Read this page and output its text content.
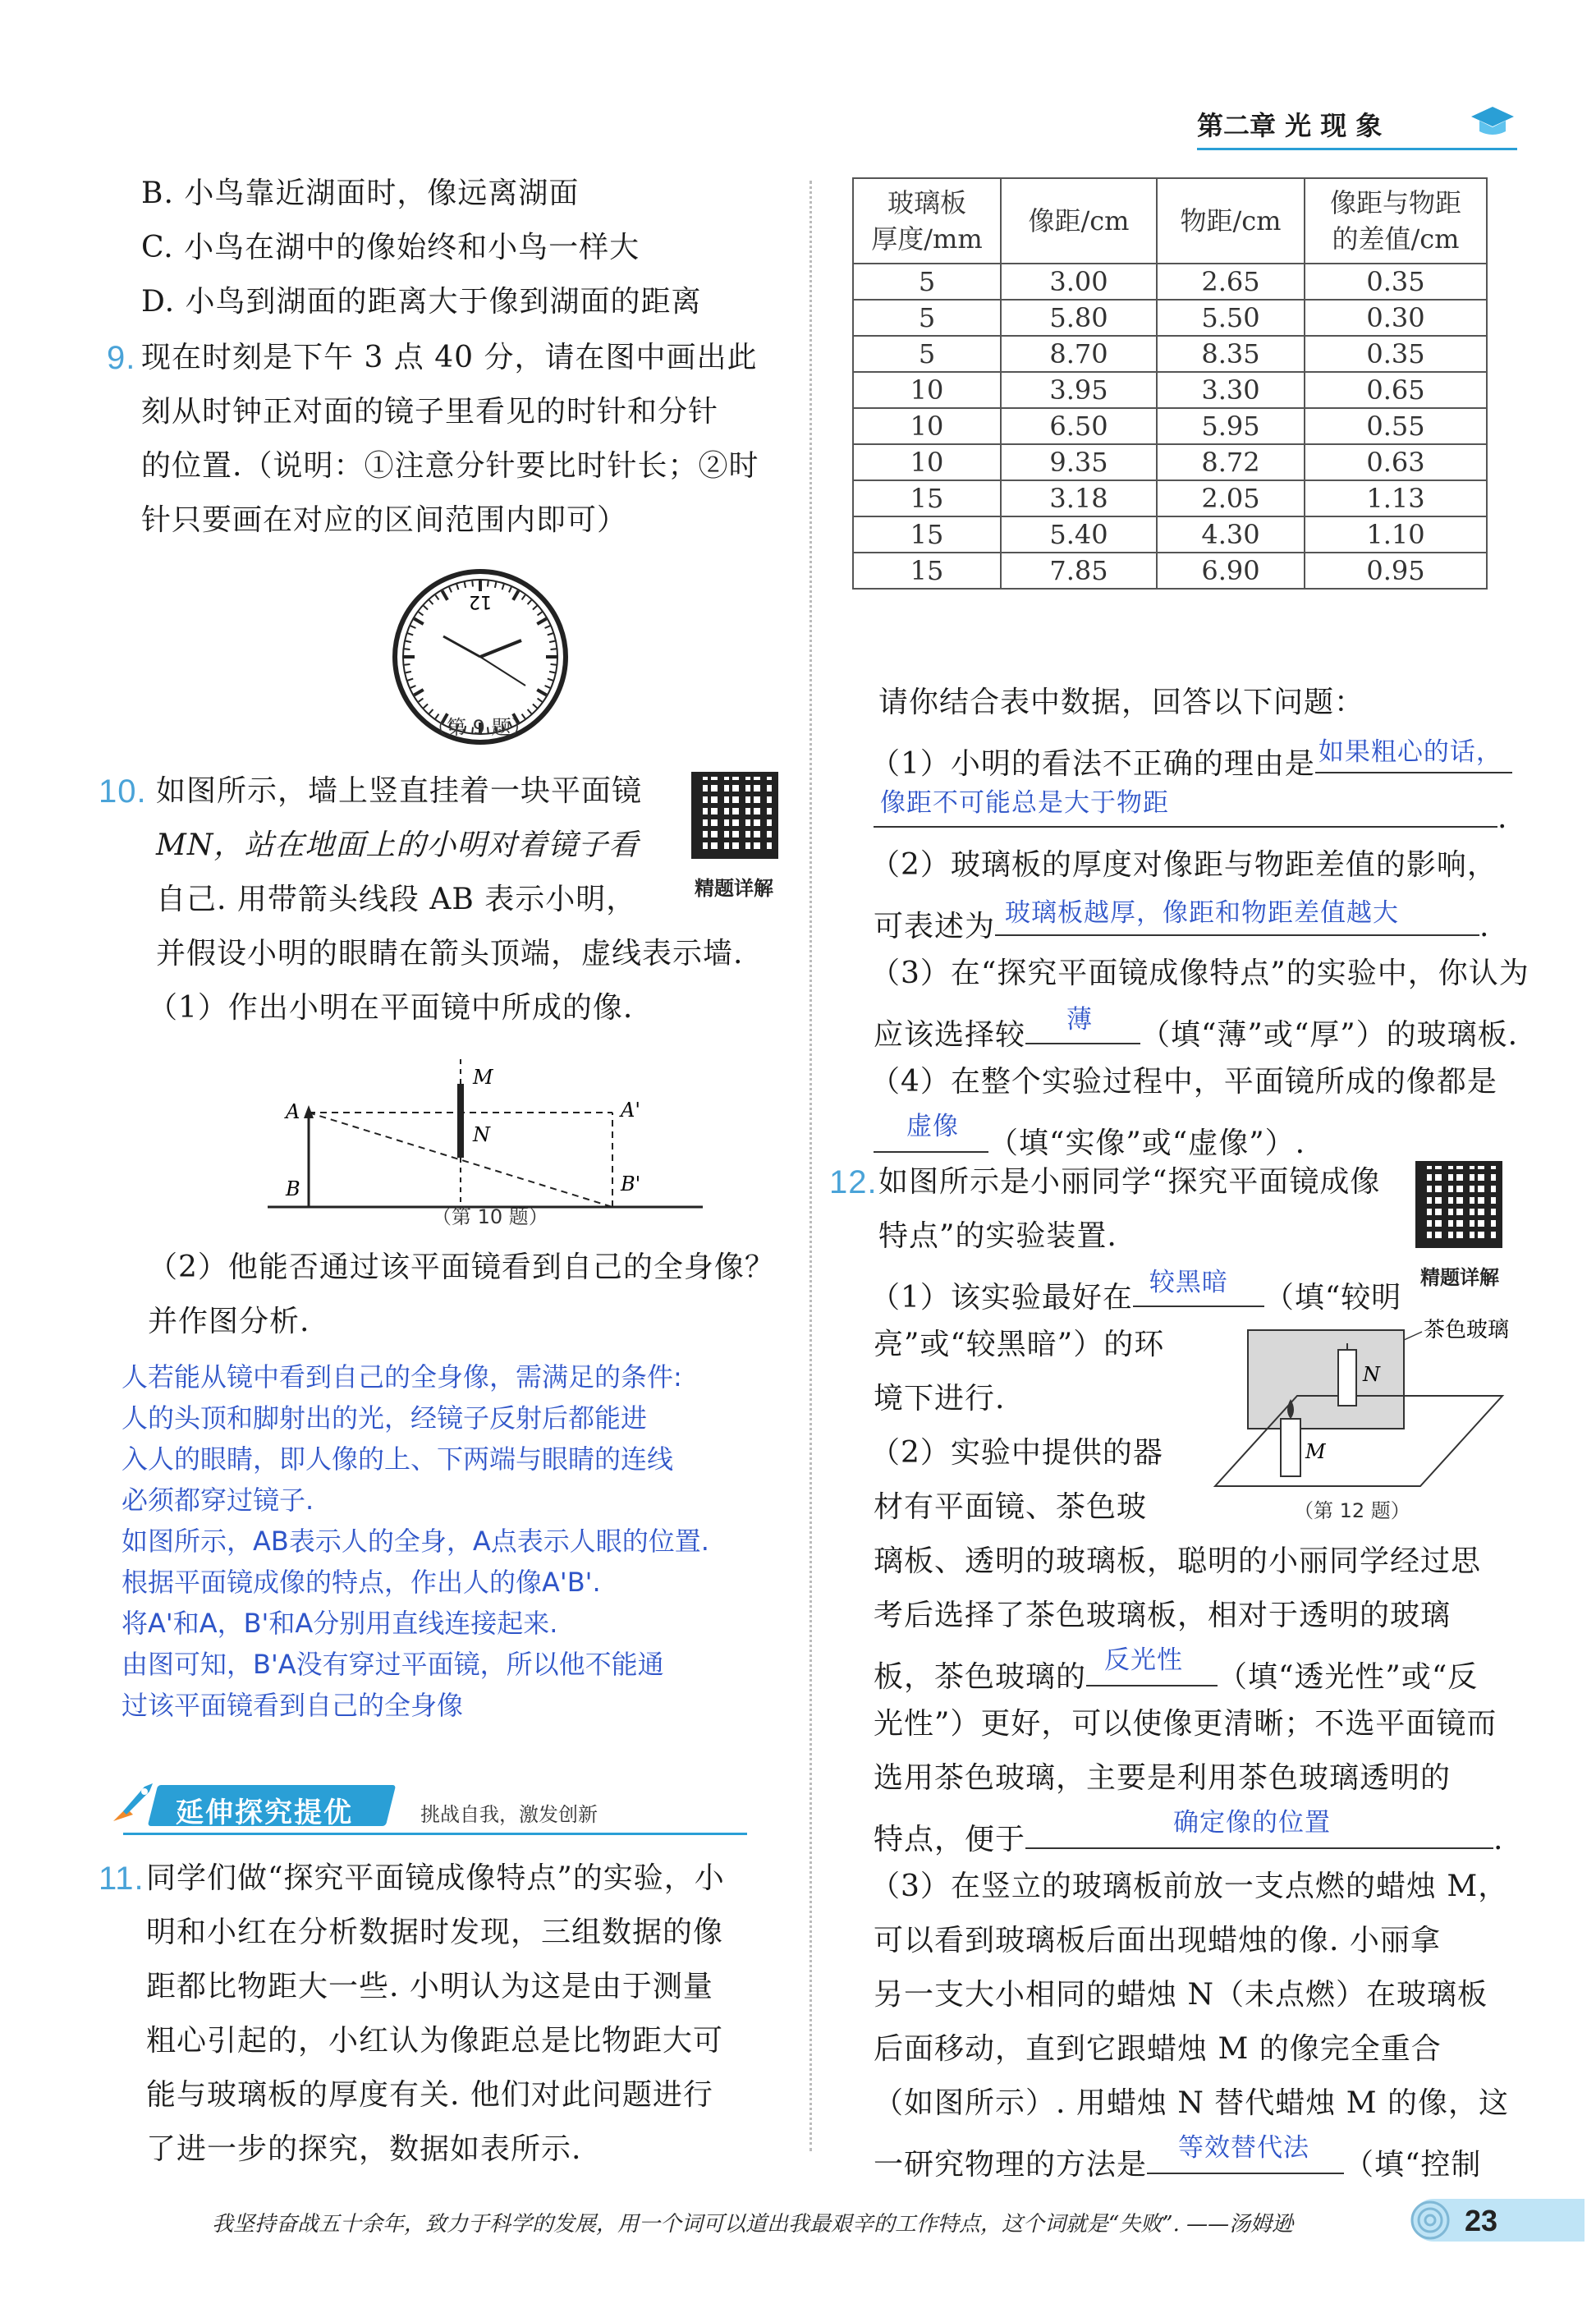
第二章 光 现 象
B. 小鸟靠近湖面时，像远离湖面
C. 小鸟在湖中的像始终和小鸟一样大
D. 小鸟到湖面的距离大于像到湖面的距离
9. 现在时刻是下午 3 点 40 分，请在图中画出此
刻从时钟正对面的镜子里看见的时针和分针
的位置.（说明：①注意分针要比时针长；②时
针只要画在对应的区间范围内即可）
12
（第 9 题）
10. 如图所示，墙上竖直挂着一块平面镜
MN，站在地面上的小明对着镜子看
自己. 用带箭头线段 AB 表示小明，
并假设小明的眼睛在箭头顶端，虚线表示墙.
精题详解
（1）作出小明在平面镜中所成的像.
A
B
M
N
A'
B'
（第 10 题）
（2）他能否通过该平面镜看到自己的全身像？
并作图分析.
人若能从镜中看到自己的全身像，需满足的条件:
人的头顶和脚射出的光，经镜子反射后都能进
入人的眼睛，即人像的上、下两端与眼睛的连线
必须都穿过镜子.
如图所示，AB表示人的全身，A点表示人眼的位置.
根据平面镜成像的特点，作出人的像A'B'.
将A'和A，B'和A分别用直线连接起来.
由图可知，B'A没有穿过平面镜，所以他不能通
过该平面镜看到自己的全身像
延伸探究提优	挑战自我，激发创新
11. 同学们做“探究平面镜成像特点”的实验，小
明和小红在分析数据时发现，三组数据的像
距都比物距大一些. 小明认为这是由于测量
粗心引起的，小红认为像距总是比物距大可
能与玻璃板的厚度有关. 他们对此问题进行
了进一步的探究，数据如表所示.
玻璃板
厚度/mm	像距/cm	物距/cm	像距与物距
的差值/cm
5	3.00	2.65	0.35
5	5.80	5.50	0.30
5	8.70	8.35	0.35
10	3.95	3.30	0.65
10	6.50	5.95	0.55
10	9.35	8.72	0.63
15	3.18	2.05	1.13
15	5.40	4.30	1.10
15	7.85	6.90	0.95
请你结合表中数据，回答以下问题：
（1）小明的看法不正确的理由是 如果粗心的话，
像距不可能总是大于物距	.
（2）玻璃板的厚度对像距与物距差值的影响，
可表述为 玻璃板越厚，像距和物距差值越大	.
（3）在“探究平面镜成像特点”的实验中，你认为
应该选择较 薄 （填“薄”或“厚”）的玻璃板.
（4）在整个实验过程中，平面镜所成的像都是
虚像 （填“实像”或“虚像”）.
12. 如图所示是小丽同学“探究平面镜成像
特点”的实验装置.
精题详解
（1）该实验最好在 较黑暗 （填“较明
亮”或“较黑暗”）的环
境下进行.
（2）实验中提供的器
材有平面镜、茶色玻
N
M
茶色玻璃
（第 12 题）
璃板、透明的玻璃板，聪明的小丽同学经过思
考后选择了茶色玻璃板，相对于透明的玻璃
板，茶色玻璃的 反光性 （填“透光性”或“反
光性”）更好，可以使像更清晰；不选平面镜而
选用茶色玻璃，主要是利用茶色玻璃透明的
特点，便于	确定像的位置	.
（3）在竖立的玻璃板前放一支点燃的蜡烛 M，
可以看到玻璃板后面出现蜡烛的像. 小丽拿
另一支大小相同的蜡烛 N（未点燃）在玻璃板
后面移动，直到它跟蜡烛 M 的像完全重合
（如图所示）. 用蜡烛 N 替代蜡烛 M 的像，这
一研究物理的方法是 等效替代法 （填“控制
我坚持奋战五十余年，致力于科学的发展，用一个词可以道出我最艰辛的工作特点，这个词就是“失败”. ——汤姆逊	23
